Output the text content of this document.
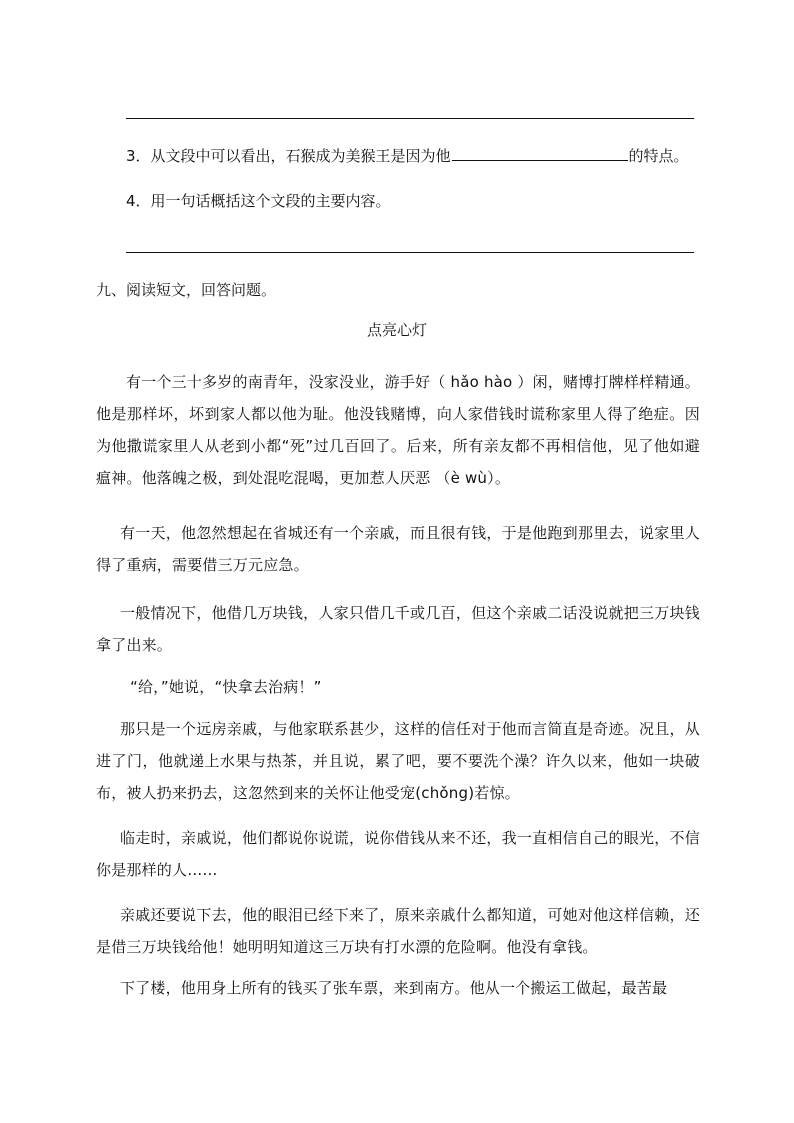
3．从文段中可以看出，石猴成为美猴王是因为他	的特点。
4．用一句话概括这个文段的主要内容。
九、阅读短文，回答问题。
点亮心灯
有一个三十多岁的南青年，没家没业，游手好（ hǎo hào ）闲，赌博打牌样样精通。他是那样坏，坏到家人都以他为耻。他没钱赌博，向人家借钱时谎称家里人得了绝症。因为他撒谎家里人从老到小都“死”过几百回了。后来，所有亲友都不再相信他，见了他如避瘟神。他落魄之极，到处混吃混喝，更加惹人厌恶 （è wù）。
有一天，他忽然想起在省城还有一个亲戚，而且很有钱，于是他跑到那里去，说家里人得了重病，需要借三万元应急。
一般情况下，他借几万块钱，人家只借几千或几百，但这个亲戚二话没说就把三万块钱拿了出来。
“给，”她说，“快拿去治病！”
那只是一个远房亲戚，与他家联系甚少，这样的信任对于他而言简直是奇迹。况且，从进了门，他就递上水果与热茶，并且说，累了吧，要不要洗个澡？许久以来，他如一块破布，被人扔来扔去，这忽然到来的关怀让他受宠(chǒng)若惊。
临走时，亲戚说，他们都说你说谎，说你借钱从来不还，我一直相信自己的眼光，不信你是那样的人……
亲戚还要说下去，他的眼泪已经下来了，原来亲戚什么都知道，可她对他这样信赖，还是借三万块钱给他！她明明知道这三万块有打水漂的危险啊。他没有拿钱。
下了楼，他用身上所有的钱买了张车票，来到南方。他从一个搬运工做起，最苦最
